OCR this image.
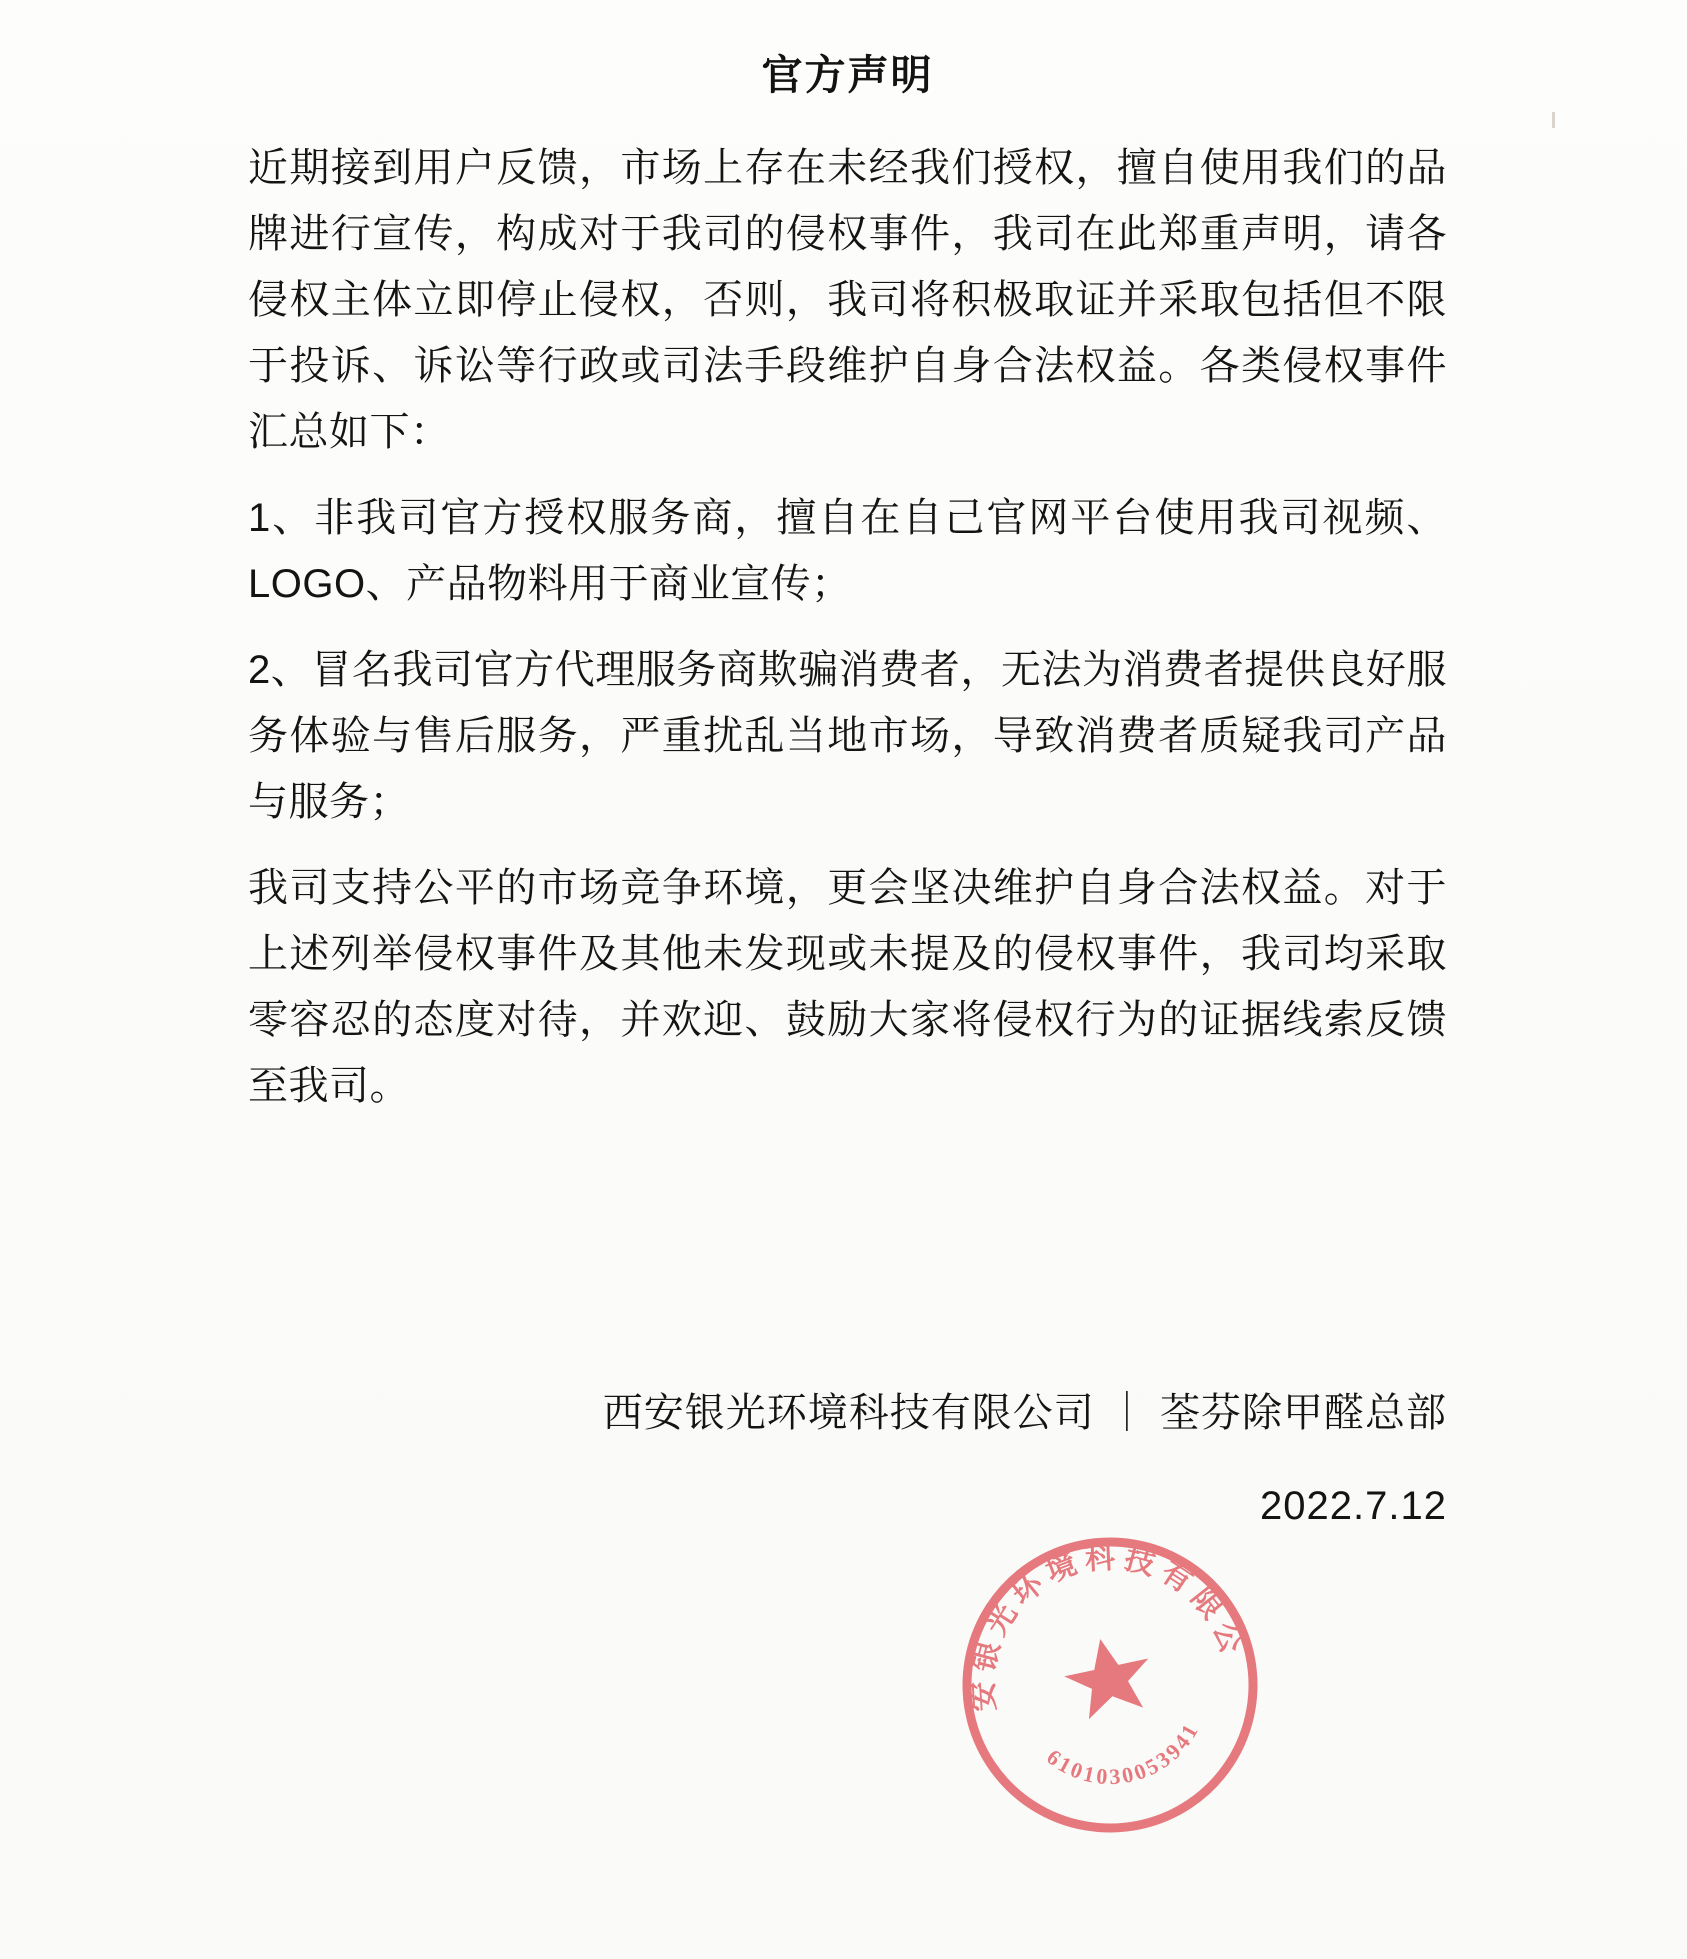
官方声明

近期接到用户反馈，市场上存在未经我们授权，擅自使用我们的品牌进行宣传，构成对于我司的侵权事件，我司在此郑重声明，请各侵权主体立即停止侵权，否则，我司将积极取证并采取包括但不限于投诉、诉讼等行政或司法手段维护自身合法权益。各类侵权事件汇总如下：

1、非我司官方授权服务商，擅自在自己官网平台使用我司视频、LOGO、产品物料用于商业宣传；

2、冒名我司官方代理服务商欺骗消费者，无法为消费者提供良好服务体验与售后服务，严重扰乱当地市场，导致消费者质疑我司产品与服务；

我司支持公平的市场竞争环境，更会坚决维护自身合法权益。对于上述列举侵权事件及其他未发现或未提及的侵权事件，我司均采取零容忍的态度对待，并欢迎、鼓励大家将侵权行为的证据线索反馈至我司。

西安银光环境科技有限公司
6101030053941
西安银光环境科技有限公司 ｜ 荃芬除甲醛总部
2022.7.12
